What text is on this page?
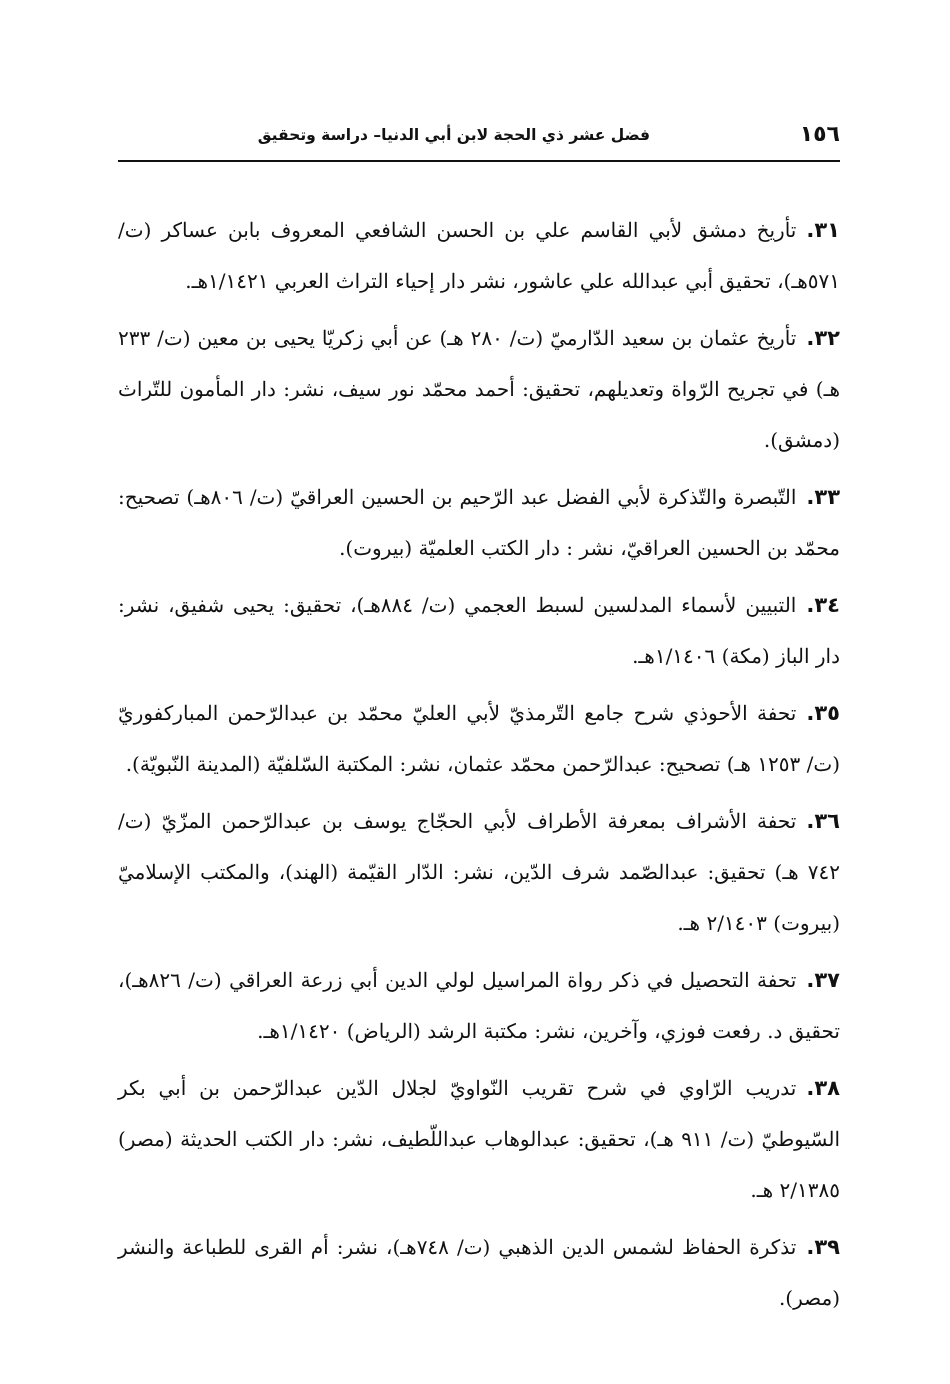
١٥٦
فضل عشر ذي الحجة لابن أبي الدنيا– دراسة وتحقيق

٣١.تأريخ دمشق لأبي القاسم علي بن الحسن الشافعي المعروف بابن عساكر (ت/ ٥٧١هـ)، تحقيق أبي عبدالله علي عاشور، نشر دار إحياء التراث العربي ١/١٤٢١هـ.

٣٢.تأريخ عثمان بن سعيد الدّارميّ (ت/ ٢٨٠ هـ) عن أبي زكريّا يحيى بن معين (ت/ ٢٣٣ هـ) في تجريح الرّواة وتعديلهم، تحقيق: أحمد محمّد نور سيف، نشر: دار المأمون للتّراث (دمشق).

٣٣.التّبصرة والتّذكرة لأبي الفضل عبد الرّحيم بن الحسين العراقيّ (ت/ ٨٠٦هـ) تصحيح: محمّد بن الحسين العراقيّ، نشر : دار الكتب العلميّة (بيروت).

٣٤.التبيين لأسماء المدلسين لسبط العجمي (ت/ ٨٨٤هـ)، تحقيق: يحيى شفيق، نشر: دار الباز (مكة) ١/١٤٠٦هـ.

٣٥.تحفة الأحوذي شرح جامع التّرمذيّ لأبي العليّ محمّد بن عبدالرّحمن المباركفوريّ (ت/ ١٢٥٣ هـ) تصحيح: عبدالرّحمن محمّد عثمان، نشر: المكتبة السّلفيّة (المدينة النّبويّة).

٣٦.تحفة الأشراف بمعرفة الأطراف لأبي الحجّاج يوسف بن عبدالرّحمن المزّيّ (ت/ ٧٤٢ هـ) تحقيق: عبدالصّمد شرف الدّين، نشر: الدّار القيّمة (الهند)، والمكتب الإسلاميّ (بيروت) ٢/١٤٠٣ هـ.

٣٧.تحفة التحصيل في ذكر رواة المراسيل لولي الدين أبي زرعة العراقي (ت/ ٨٢٦هـ)، تحقيق د. رفعت فوزي، وآخرين، نشر: مكتبة الرشد (الرياض) ١/١٤٢٠هـ.

٣٨.تدريب الرّاوي في شرح تقريب النّواويّ لجلال الدّين عبدالرّحمن بن أبي بكر السّيوطيّ (ت/ ٩١١ هـ)، تحقيق: عبدالوهاب عبداللّطيف، نشر: دار الكتب الحديثة (مصر) ٢/١٣٨٥ هـ.

٣٩.تذكرة الحفاظ لشمس الدين الذهبي (ت/ ٧٤٨هـ)، نشر: أم القرى للطباعة والنشر (مصر).
